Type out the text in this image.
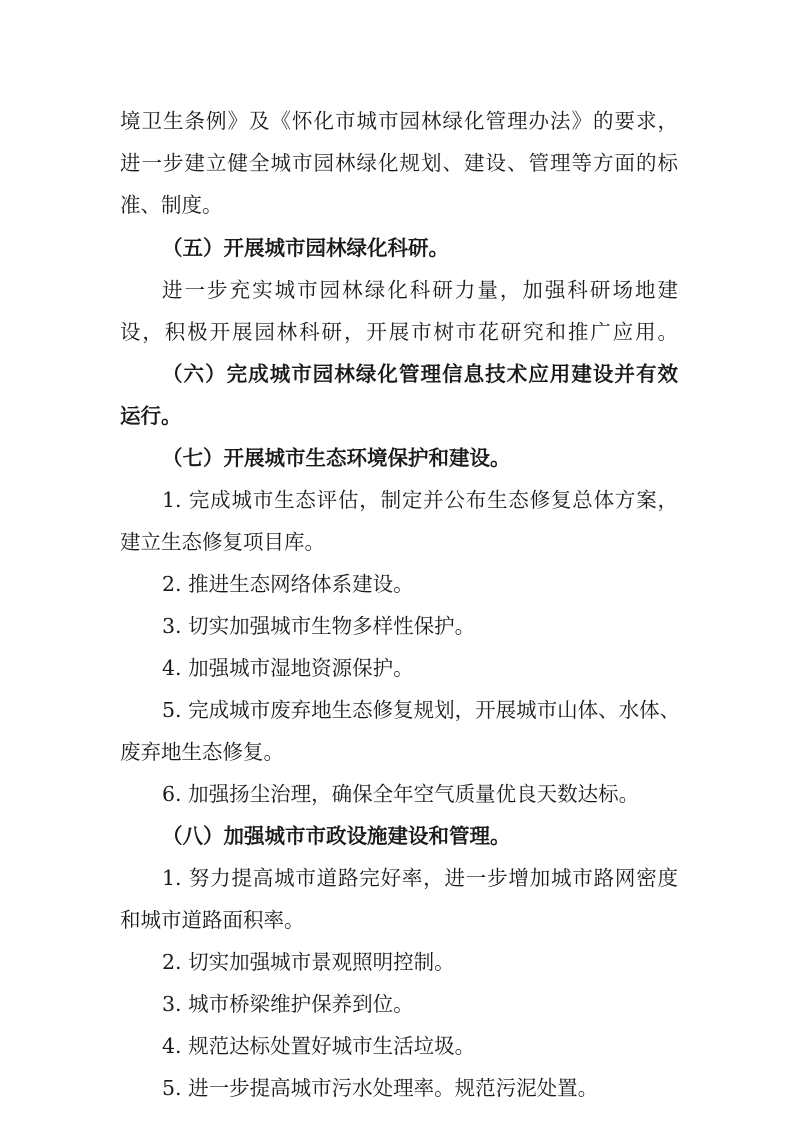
境卫生条例》及《怀化市城市园林绿化管理办法》的要求，
进一步建立健全城市园林绿化规划、建设、管理等方面的标
准、制度。
（五）开展城市园林绿化科研。
进一步充实城市园林绿化科研力量，加强科研场地建
设，积极开展园林科研，开展市树市花研究和推广应用。
（六）完成城市园林绿化管理信息技术应用建设并有效
运行。
（七）开展城市生态环境保护和建设。
1. 完成城市生态评估，制定并公布生态修复总体方案，
建立生态修复项目库。
2. 推进生态网络体系建设。
3. 切实加强城市生物多样性保护。
4. 加强城市湿地资源保护。
5. 完成城市废弃地生态修复规划，开展城市山体、水体、
废弃地生态修复。
6. 加强扬尘治理，确保全年空气质量优良天数达标。
（八）加强城市市政设施建设和管理。
1. 努力提高城市道路完好率，进一步增加城市路网密度
和城市道路面积率。
2. 切实加强城市景观照明控制。
3. 城市桥梁维护保养到位。
4. 规范达标处置好城市生活垃圾。
5. 进一步提高城市污水处理率。规范污泥处置。
